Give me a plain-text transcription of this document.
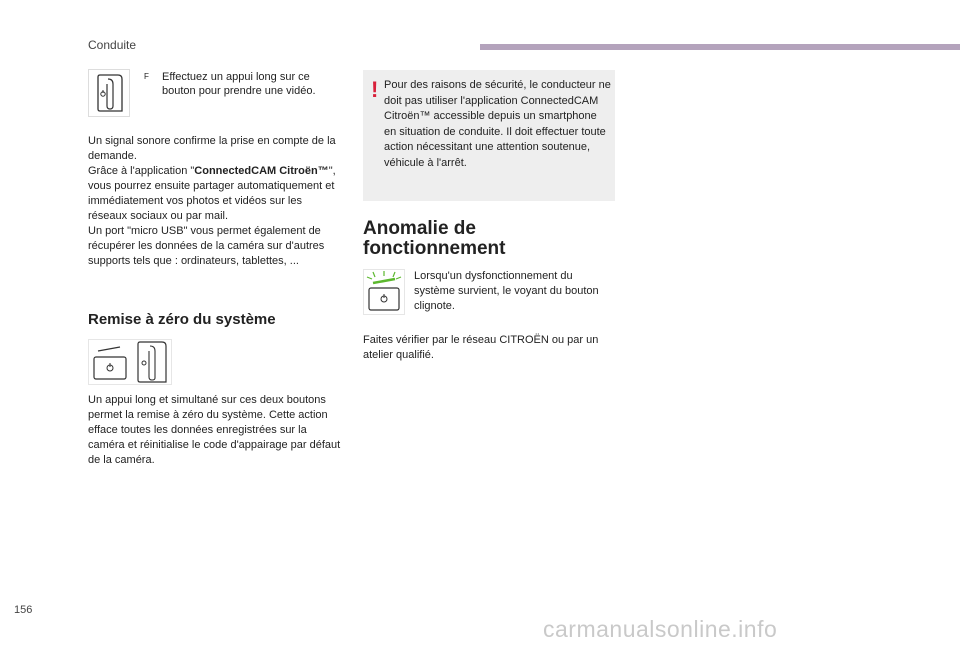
Conduite
F Effectuez un appui long sur ce bouton pour prendre une vidéo.
Un signal sonore confirme la prise en compte de la demande.
Grâce à l'application "ConnectedCAM Citroën™", vous pourrez ensuite partager automatiquement et immédiatement vos photos et vidéos sur les réseaux sociaux ou par mail.
Un port "micro USB" vous permet également de récupérer les données de la caméra sur d'autres supports tels que : ordinateurs, tablettes, ...
Remise à zéro du système
Un appui long et simultané sur ces deux boutons permet la remise à zéro du système. Cette action efface toutes les données enregistrées sur la caméra et réinitialise le code d'appairage par défaut de la caméra.
! Pour des raisons de sécurité, le conducteur ne doit pas utiliser l'application ConnectedCAM Citroën™ accessible depuis un smartphone en situation de conduite. Il doit effectuer toute action nécessitant une attention soutenue, véhicule à l'arrêt.
Anomalie de fonctionnement
Lorsqu'un dysfonctionnement du système survient, le voyant du bouton clignote.
Faites vérifier par le réseau CITROËN ou par un atelier qualifié.
156
carmanualsonline.info
